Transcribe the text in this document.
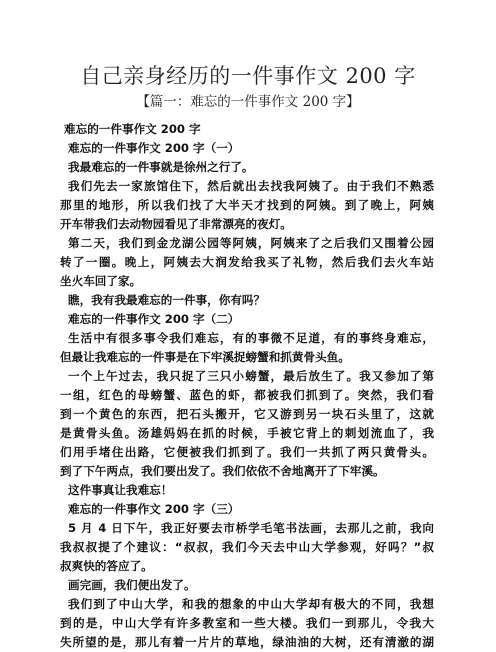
自己亲身经历的一件事作文 200 字
【篇一：难忘的一件事作文 200 字】
难忘的一件事作文 200 字
难忘的一件事作文 200 字（一）
我最难忘的一件事就是徐州之行了。
我们先去一家旅馆住下，然后就出去找我阿姨了。由于我们不熟悉
那里的地形，所以我们找了大半天才找到的阿姨。到了晚上，阿姨
开车带我们去动物园看见了非常漂亮的夜灯。
第二天，我们到金龙湖公园等阿姨，阿姨来了之后我们又围着公园
转了一圈。晚上，阿姨去大润发给我买了礼物，然后我们去火车站
坐火车回了家。
瞧，我有我最难忘的一件事，你有吗？
难忘的一件事作文 200 字（二）
生活中有很多事令我们难忘，有的事微不足道，有的事终身难忘，
但最让我难忘的一件事是在下牢溪捉螃蟹和抓黄骨头鱼。
一个上午过去，我只捉了三只小螃蟹，最后放生了。我又参加了第
一组，红色的母螃蟹、蓝色的虾，都被我们抓到了。突然，我们看
到一个黄色的东西，把石头搬开，它又游到另一块石头里了，这就
是黄骨头鱼。汤雄妈妈在抓的时候，手被它背上的刺划流血了，我
们用手堵住出路，它便被我们抓到了。我们一共抓了两只黄骨头。
到了下午两点，我们要出发了。我们依依不舍地离开了下牢溪。
这件事真让我难忘！
难忘的一件事作文 200 字（三）
5 月 4 日下午，我正好要去市桥学毛笔书法画，去那儿之前，我向
我叔叔提了个建议：“叔叔，我们今天去中山大学参观，好吗？”叔
叔爽快的答应了。
画完画，我们便出发了。
我们到了中山大学，和我的想象的中山大学却有极大的不同，我想
到的是，中山大学有许多教室和一些大楼。我们一到那儿，令我大
失所望的是，那儿有着一片片的草地，绿油油的大树，还有清澈的湖
